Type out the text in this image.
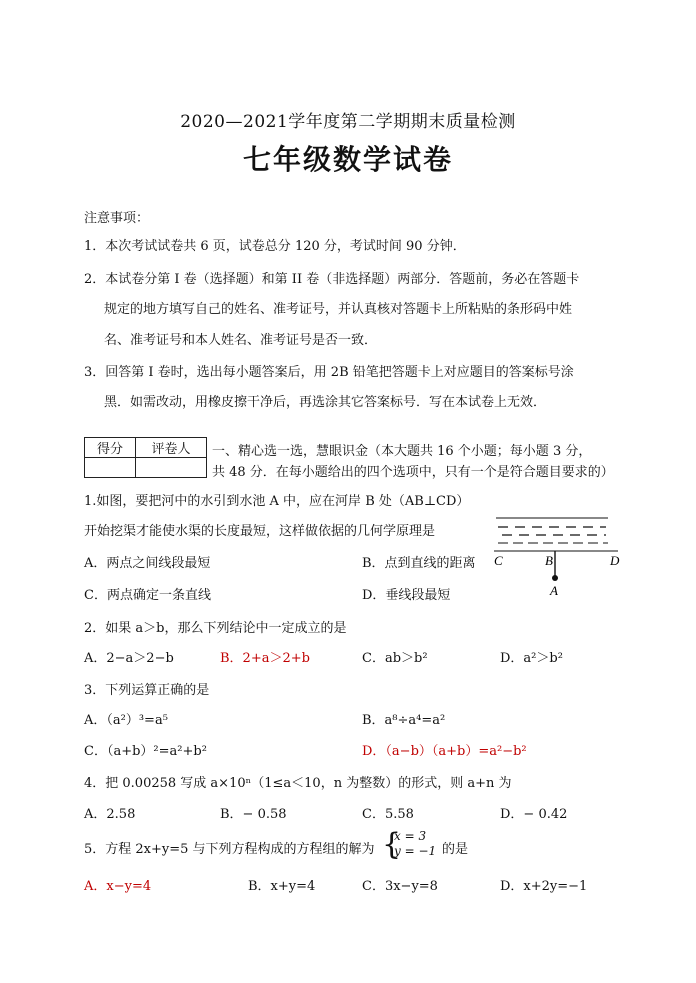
2020—2021学年度第二学期期末质量检测
七年级数学试卷
注意事项：
1．本次考试试卷共 6 页，试卷总分 120 分，考试时间 90 分钟．
2．本试卷分第 I 卷（选择题）和第 II 卷（非选择题）两部分．答题前，务必在答题卡
规定的地方填写自己的姓名、准考证号，并认真核对答题卡上所粘贴的条形码中姓
名、准考证号和本人姓名、准考证号是否一致．
3．回答第 I 卷时，选出每小题答案后，用 2B 铅笔把答题卡上对应题目的答案标号涂
黑．如需改动，用橡皮擦干净后，再选涂其它答案标号．写在本试卷上无效．
得分	评卷人
	一、精心选一选，慧眼识金（本大题共 16 个小题；每小题 3 分，
共 48 分．在每小题给出的四个选项中，只有一个是符合题目要求的）
1.如图，要把河中的水引到水池 A 中，应在河岸 B 处（AB⊥CD）
开始挖渠才能使水渠的长度最短，这样做依据的几何学原理是
A．两点之间线段最短	B．点到直线的距离
C．两点确定一条直线	D．垂线段最短
C	B	D
A
2．如果 a＞b，那么下列结论中一定成立的是
A．2−a＞2−b	B．2+a＞2+b	C．ab＞b²	D．a²＞b²
3．下列运算正确的是
A．（a²）³=a⁵	B．a⁸÷a⁴=a²
C．（a+b）²=a²+b²	D．（a−b）（a+b）=a²−b²
4．把 0.00258 写成 a×10ⁿ（1≤a＜10，n 为整数）的形式，则 a+n 为
A．2.58	B．− 0.58	C．5.58	D．− 0.42
5．方程 2x+y=5 与下列方程构成的方程组的解为 {
x = 3
y = −1 的是
A．x−y=4	B．x+y=4	C．3x−y=8	D．x+2y=−1
